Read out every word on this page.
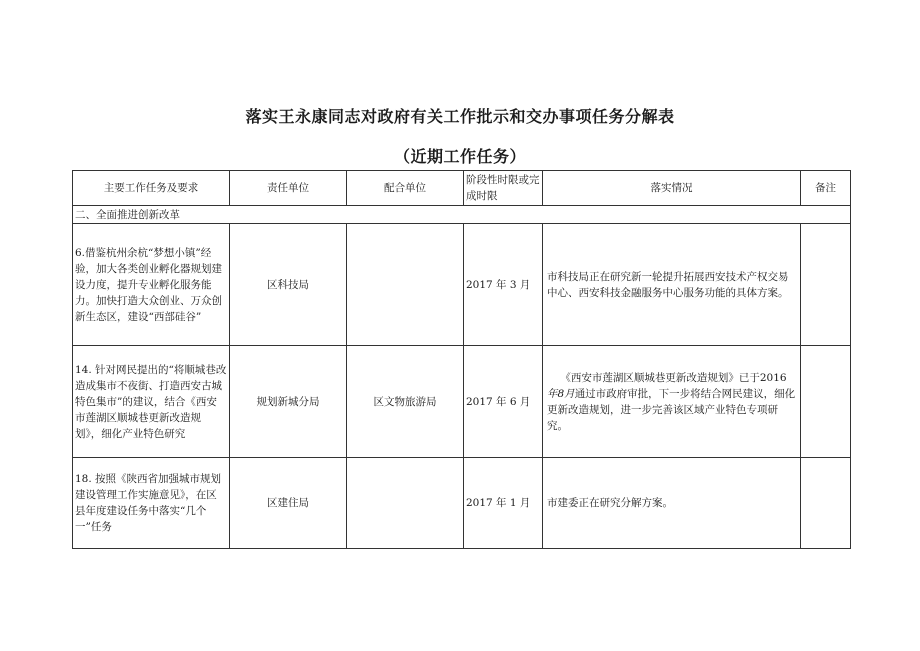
落实王永康同志对政府有关工作批示和交办事项任务分解表
（近期工作任务）
主要工作任务及要求	责任单位	配合单位	阶段性时限或完成时限	落实情况	备注
二、全面推进创新改革					
6.借鉴杭州余杭“梦想小镇”经验，加大各类创业孵化器规划建设力度，提升专业孵化服务能力。加快打造大众创业、万众创新生态区，建设“西部硅谷”	区科技局		2017 年 3 月	市科技局正在研究新一轮提升拓展西安技术产权交易中心、西安科技金融服务中心服务功能的具体方案。	
14. 针对网民提出的“将顺城巷改造成集市不夜街、打造西安古城特色集市”的建议，结合《西安市莲湖区顺城巷更新改造规划》，细化产业特色研究	规划新城分局	区文物旅游局	2017 年 6 月	《西安市莲湖区顺城巷更新改造规划》已于2016年8月通过市政府审批，下一步将结合网民建议，细化更新改造规划，进一步完善该区域产业特色专项研究。	
18. 按照《陕西省加强城市规划建设管理工作实施意见》，在区县年度建设任务中落实“几个一”任务	区建住局		2017 年 1 月	市建委正在研究分解方案。	
